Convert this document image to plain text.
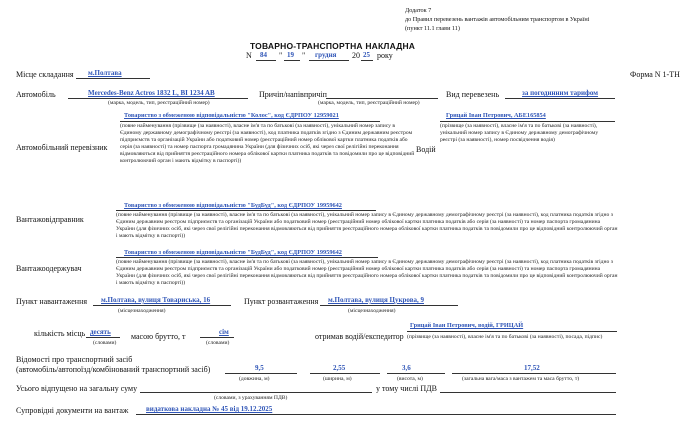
Додаток 7
до Правил перевезень вантажів автомобільним транспортом в Україні
(пункт 11.1 глави 11)
ТОВАРНО-ТРАНСПОРТНА НАКЛАДНА
N 84 " 19 " грудня 20 25 року
Місце складання м.Полтава	Форма N 1-ТН
Автомобіль	Mercedes-Benz Actros 1832 L, BI 1234 AB
(марка, модель, тип, реєстраційний номер)
Причіп/напівпричіп
(марка, модель, тип, реєстраційний номер)
Вид перевезень	за погодинним тарифом
Автомобільний перевізник
Товариство з обмеженою відповідальністю "Колос", код ЄДРПОУ 12959021
(повне найменування (прізвище (за наявності), власне ім'я та по батькові (за наявності), унікальний номер запису в Єдиному державному демографічному реєстрі (за наявності), код платника податків згідно з Єдиним державним реєстром підприємств та організацій України або податковий номер (реєстраційний номер облікової картки платника податків або серія (за наявності) та номер паспорта громадянина України (для фізичних осіб, які через свої релігійні переконання відмовляються від прийняття реєстраційного номера облікової картки платника податків та повідомили про це відповідний контролюючий орган і мають відмітку в паспорті))
Водій
Грицай Іван Петрович, АБЕ165854
(прізвище (за наявності), власне ім'я та по батькові (за наявності), унікальний номер запису в Єдиному державному демографічному реєстрі (за наявності), номер посвідчення водія)
Вантажовідправник
Товариство з обмеженою відповідальністю "БудБуд", код ЄДРПОУ 19959642
(повне найменування (прізвище (за наявності), власне ім'я та по батькові (за наявності), унікальний номер запису в Єдиному державному демографічному реєстрі (за наявності), код платника податків згідно з Єдиним державним реєстром підприємств та організацій України або податковий номер (реєстраційний номер облікової картки платника податків або серія (за наявності) та номер паспорта громадянина України (для фізичних осіб, які через свої релігійні переконання відмовляються від прийняття реєстраційного номера облікової картки платника податків та повідомили про це відповідний контролюючий орган і мають відмітку в паспорті))
Вантажоодержувач
Товариство з обмеженою відповідальністю "БудБуд", код ЄДРПОУ 19959642
(повне найменування (прізвище (за наявності), власне ім'я та по батькові (за наявності), унікальний номер запису в Єдиному державному демографічному реєстрі (за наявності), код платника податків згідно з Єдиним державним реєстром підприємств та організацій України або податковий номер (реєстраційний номер облікової картки платника податків або серія (за наявності) та номер паспорта громадянина України (для фізичних осіб, які через свої релігійні переконання відмовляються від прийняття реєстраційного номера облікової картки платника податків та повідомили про це відповідний контролюючий орган і мають відмітку в паспорті))
Пункт навантаження м.Полтава, вулиця Товариська, 16
(місцезнаходження)
Пункт розвантаження м.Полтава, вулиця Цукрова, 9
(місцезнаходження)
кількість місць десять
(словами)
масою брутто, т	сім
(словами)
отримав водій/експедитор
Грицай Іван Петрович, водій, ГРИЦАЙ
(прізвище (за наявності), власне ім'я та по батькові (за наявності), посада, підпис)
Відомості про транспортний засіб
(автомобіль/автопоїзд/комбінований транспортний засіб)	9,5
(довжина, м)
2,55
(ширина, м)
3,6
(висота, м)
17,52
(загальна вага/маса з вантажем та маса брутто, т)
Усього відпущено на загальну суму
(словами, з урахуванням ПДВ)
у тому числі ПДВ
Супровідні документи на вантаж	видаткова накладна № 45 від 19.12.2025
